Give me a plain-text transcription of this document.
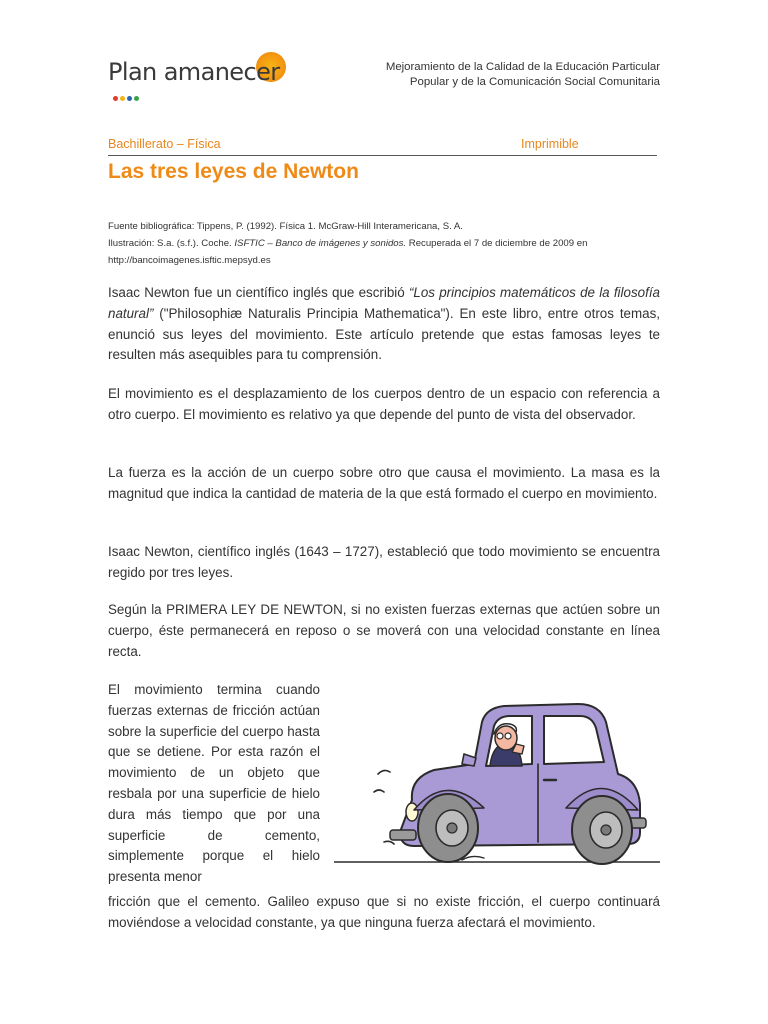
Plan amanecer	Mejoramiento de la Calidad de la Educación Particular
Popular y de la Comunicación Social Comunitaria
Bachillerato – Física	Imprimible
Las tres leyes de Newton
Fuente bibliográfica: Tippens, P. (1992). Física 1. McGraw-Hill Interamericana, S. A.
Ilustración: S.a. (s.f.). Coche. ISFTIC – Banco de imágenes y sonidos. Recuperada el 7 de diciembre de 2009 en
http://bancoimagenes.isftic.mepsyd.es
Isaac Newton fue un científico inglés que escribió “Los principios matemáticos de la filosofía natural” ("Philosophiæ Naturalis Principia Mathematica"). En este libro, entre otros temas, enunció sus leyes del movimiento. Este artículo pretende que estas famosas leyes te resulten más asequibles para tu comprensión.
El movimiento es el desplazamiento de los cuerpos dentro de un espacio con referencia a otro cuerpo. El movimiento es relativo ya que depende del punto de vista del observador.
La fuerza es la acción de un cuerpo sobre otro que causa el movimiento. La masa es la magnitud que indica la cantidad de materia de la que está formado el cuerpo en movimiento.
Isaac Newton, científico inglés (1643 – 1727), estableció que todo movimiento se encuentra regido por tres leyes.
Según la PRIMERA LEY DE NEWTON, si no existen fuerzas externas que actúen sobre un cuerpo, éste permanecerá en reposo o se moverá con una velocidad constante en línea recta.
El movimiento termina cuando fuerzas externas de fricción actúan sobre la superficie del cuerpo hasta que se detiene. Por esta razón el movimiento de un objeto que resbala por una superficie de hielo dura más tiempo que por una superficie de cemento, simplemente porque el hielo presenta menor
fricción que el cemento. Galileo expuso que si no existe fricción, el cuerpo continuará moviéndose a velocidad constante, ya que ninguna fuerza afectará el movimiento.
